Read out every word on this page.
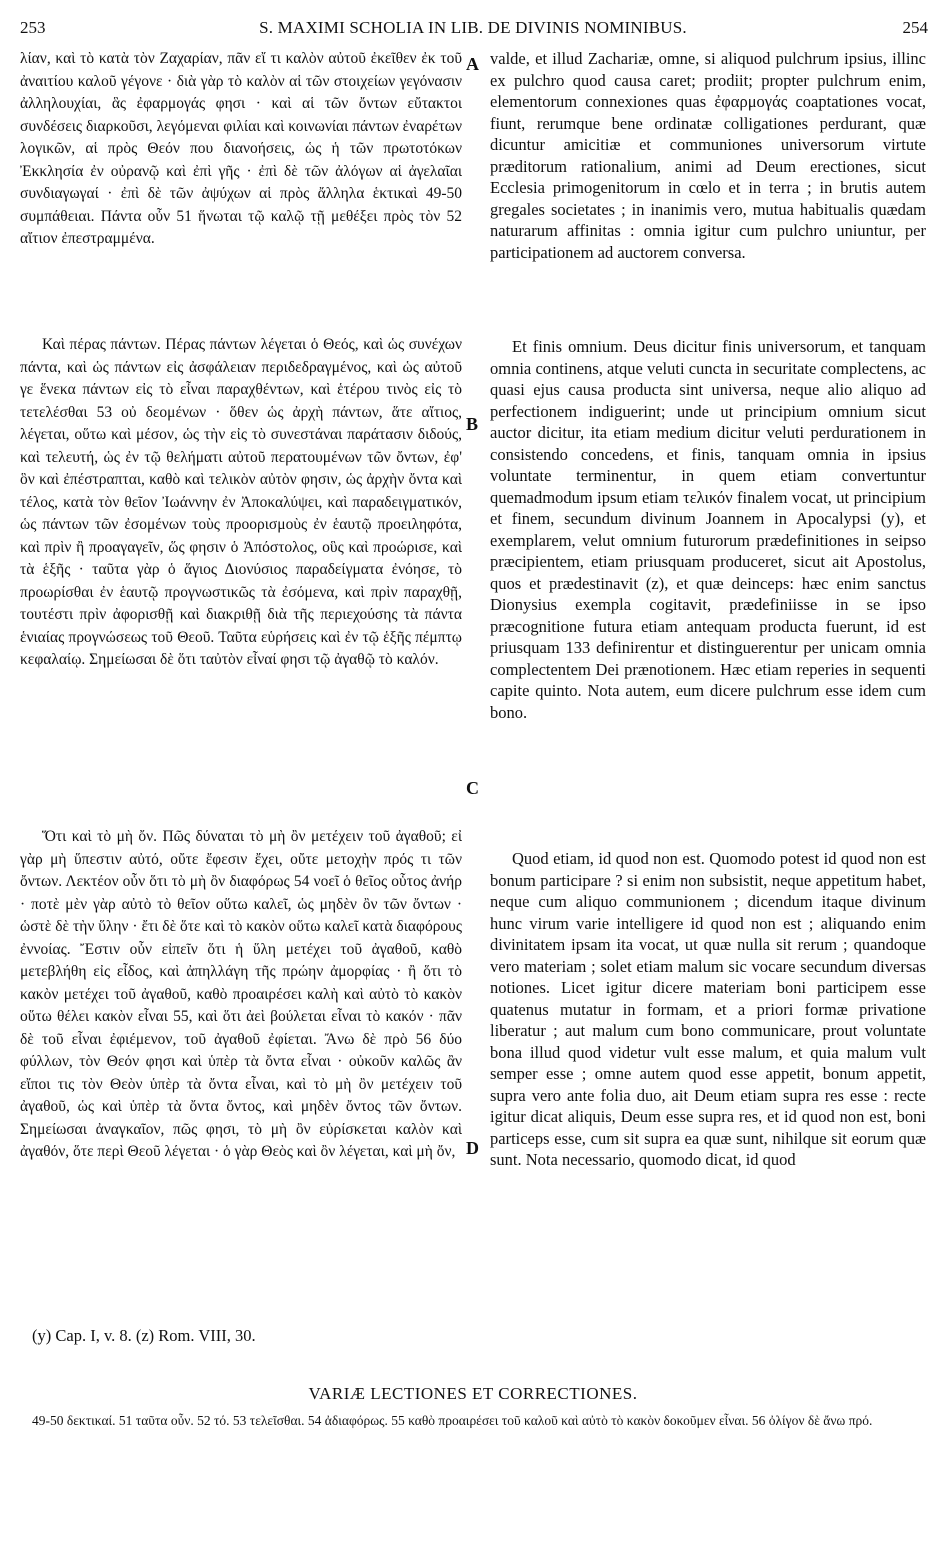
253	S. MAXIMI SCHOLIA IN LIB. DE DIVINIS NOMINIBUS.	254

λίαν, καὶ τὸ κατὰ τὸν Ζαχαρίαν, πᾶν εἴ τι καλὸν αὐτοῦ ἐκεῖθεν ἐκ τοῦ ἀναιτίου καλοῦ γέγονε · διὰ γὰρ τὸ καλὸν αἱ τῶν στοιχείων γεγόνασιν ἀλληλουχίαι, ἃς ἐφαρμογάς φησι · καὶ αἱ τῶν ὄντων εὔτακτοι συνδέσεις διαρκοῦσι, λεγόμεναι φιλίαι καὶ κοινωνίαι πάντων ἐναρέτων λογικῶν, αἱ πρὸς Θεόν που διανοήσεις, ὡς ἡ τῶν πρωτοτόκων Ἐκκλησία ἐν οὐρανῷ καὶ ἐπὶ γῆς · ἐπὶ δὲ τῶν ἀλόγων αἱ ἀγελαῖαι συνδιαγωγαί · ἐπὶ δὲ τῶν ἀψύχων αἱ πρὸς ἄλληλα ἑκτικαὶ 49-50 συμπάθειαι. Πάντα οὖν 51 ἥνωται τῷ καλῷ τῇ μεθέξει πρὸς τὸν 52 αἴτιον ἐπεστραμμένα.

Καὶ πέρας πάντων. Πέρας πάντων λέγεται ὁ Θεός, καὶ ὡς συνέχων πάντα, καὶ ὡς πάντων εἰς ἀσφάλειαν περιδεδραγμένος, καὶ ὡς αὐτοῦ γε ἕνεκα πάντων εἰς τὸ εἶναι παραχθέντων, καὶ ἑτέρου τινὸς εἰς τὸ τετελέσθαι 53 οὐ δεομένων · ὅθεν ὡς ἀρχὴ πάντων, ἅτε αἴτιος, λέγεται, οὕτω καὶ μέσον, ὡς τὴν εἰς τὸ συνεστάναι παράτασιν διδούς, καὶ τελευτή, ὡς ἐν τῷ θελήματι αὐτοῦ περατουμένων τῶν ὄντων, ἐφ' ὃν καὶ ἐπέστραπται, καθὸ καὶ τελικὸν αὐτὸν φησιν, ὡς ἀρχὴν ὄντα καὶ τέλος, κατὰ τὸν θεῖον Ἰωάννην ἐν Ἀποκαλύψει, καὶ παραδειγματικόν, ὡς πάντων τῶν ἐσομένων τοὺς προορισμοὺς ἐν ἑαυτῷ προειληφότα, καὶ πρὶν ἢ προαγαγεῖν, ὥς φησιν ὁ Ἀπόστολος, οὓς καὶ προώρισε, καὶ τὰ ἑξῆς · ταῦτα γὰρ ὁ ἅγιος Διονύσιος παραδείγματα ἐνόησε, τὸ προωρίσθαι ἐν ἑαυτῷ προγνωστικῶς τὰ ἐσόμενα, καὶ πρὶν παραχθῇ, τουτέστι πρὶν ἀφορισθῇ καὶ διακριθῇ διὰ τῆς περιεχούσης τὰ πάντα ἑνιαίας προγνώσεως τοῦ Θεοῦ. Ταῦτα εὑρήσεις καὶ ἐν τῷ ἑξῆς πέμπτῳ κεφαλαίῳ. Σημείωσαι δὲ ὅτι ταὐτὸν εἶναί φησι τῷ ἀγαθῷ τὸ καλόν.

Ὅτι καὶ τὸ μὴ ὄν. Πῶς δύναται τὸ μὴ ὂν μετέχειν τοῦ ἀγαθοῦ; εἰ γὰρ μὴ ὕπεστιν αὐτό, οὔτε ἔφεσιν ἔχει, οὔτε μετοχὴν πρός τι τῶν ὄντων. Λεκτέον οὖν ὅτι τὸ μὴ ὂν διαφόρως 54 νοεῖ ὁ θεῖος οὗτος ἀνήρ · ποτὲ μὲν γὰρ αὐτὸ τὸ θεῖον οὕτω καλεῖ, ὡς μηδὲν ὂν τῶν ὄντων · ὡστὲ δὲ τὴν ὕλην · ἔτι δὲ ὅτε καὶ τὸ κακὸν οὕτω καλεῖ κατὰ διαφόρους ἐννοίας. Ἔστιν οὖν εἰπεῖν ὅτι ἡ ὕλη μετέχει τοῦ ἀγαθοῦ, καθὸ μετεβλήθη εἰς εἶδος, καὶ ἀπηλλάγη τῆς πρώην ἀμορφίας · ἢ ὅτι τὸ κακὸν μετέχει τοῦ ἀγαθοῦ, καθὸ προαιρέσει καλὴ καὶ αὐτὸ τὸ κακὸν οὕτω θέλει κακὸν εἶναι 55, καὶ ὅτι ἀεὶ βούλεται εἶναι τὸ κακόν · πᾶν δὲ τοῦ εἶναι ἐφιέμενον, τοῦ ἀγαθοῦ ἐφίεται. Ἄνω δὲ πρὸ 56 δύο φύλλων, τὸν Θεόν φησι καὶ ὑπὲρ τὰ ὄντα εἶναι · οὐκοῦν καλῶς ἂν εἴποι τις τὸν Θεὸν ὑπὲρ τὰ ὄντα εἶναι, καὶ τὸ μὴ ὂν μετέχειν τοῦ ἀγαθοῦ, ὡς καὶ ὑπὲρ τὰ ὄντα ὄντος, καὶ μηδὲν ὄντος τῶν ὄντων. Σημείωσαι ἀναγκαῖον, πῶς φησι, τὸ μὴ ὂν εὑρίσκεται καλὸν καὶ ἀγαθόν, ὅτε περὶ Θεοῦ λέγεται · ὁ γὰρ Θεὸς καὶ ὂν λέγεται, καὶ μὴ ὄν,

valde, et illud Zachariæ, omne, si aliquod pulchrum ipsius, illinc ex pulchro quod causa caret; prodiit; propter pulchrum enim, elementorum connexiones quas ἐφαρμογάς coaptationes vocat, fiunt, rerumque bene ordinatæ colligationes perdurant, quæ dicuntur amicitiæ et communiones universorum virtute præditorum rationalium, animi ad Deum erectiones, sicut Ecclesia primogenitorum in cœlo et in terra ; in brutis autem gregales societates ; in inanimis vero, mutua habitualis quædam naturarum affinitas : omnia igitur cum pulchro uniuntur, per participationem ad auctorem conversa.

Et finis omnium. Deus dicitur finis universorum, et tanquam omnia continens, atque veluti cuncta in securitate complectens, ac quasi ejus causa producta sint universa, neque alio aliquo ad perfectionem indiguerint; unde ut principium omnium sicut auctor dicitur, ita etiam medium dicitur veluti perdurationem in consistendo concedens, et finis, tanquam omnia in ipsius voluntate terminentur, in quem etiam convertuntur quemadmodum ipsum etiam τελικόν finalem vocat, ut principium et finem, secundum divinum Joannem in Apocalypsi (y), et exemplarem, velut omnium futurorum prædefinitiones in seipso præcipientem, etiam priusquam produceret, sicut ait Apostolus, quos et prædestinavit (z), et quæ deinceps: hæc enim sanctus Dionysius exempla cogitavit, prædefiniisse in se ipso præcognitione futura etiam antequam producta fuerunt, id est priusquam 133 definirentur et distinguerentur per unicam omnia complectentem Dei prænotionem. Hæc etiam reperies in sequenti capite quinto. Nota autem, eum dicere pulchrum esse idem cum bono.

Quod etiam, id quod non est. Quomodo potest id quod non est bonum participare ? si enim non subsistit, neque appetitum habet, neque cum aliquo communionem ; dicendum itaque divinum hunc virum varie intelligere id quod non est ; aliquando enim divinitatem ipsam ita vocat, ut quæ nulla sit rerum ; quandoque vero materiam ; solet etiam malum sic vocare secundum diversas notiones. Licet igitur dicere materiam boni participem esse quatenus mutatur in formam, et a priori formæ privatione liberatur ; aut malum cum bono communicare, prout voluntate bona illud quod videtur vult esse malum, et quia malum vult semper esse ; omne autem quod esse appetit, bonum appetit, supra vero ante folia duo, ait Deum etiam supra res esse : recte igitur dicat aliquis, Deum esse supra res, et id quod non est, boni particeps esse, cum sit supra ea quæ sunt, nihilque sit eorum quæ sunt. Nota necessario, quomodo dicat, id quod

A
B
C
D
(y) Cap. I, v. 8. (z) Rom. VIII, 30.
VARIÆ LECTIONES ET CORRECTIONES.
49-50 δεκτικαί. 51 ταῦτα οὖν. 52 τό. 53 τελεῖσθαι. 54 ἀδιαφόρως. 55 καθὸ προαιρέσει τοῦ καλοῦ καὶ αὐτὸ τὸ κακὸν δοκοῦμεν εἶναι. 56 ὀλίγον δὲ ἄνω πρό.
